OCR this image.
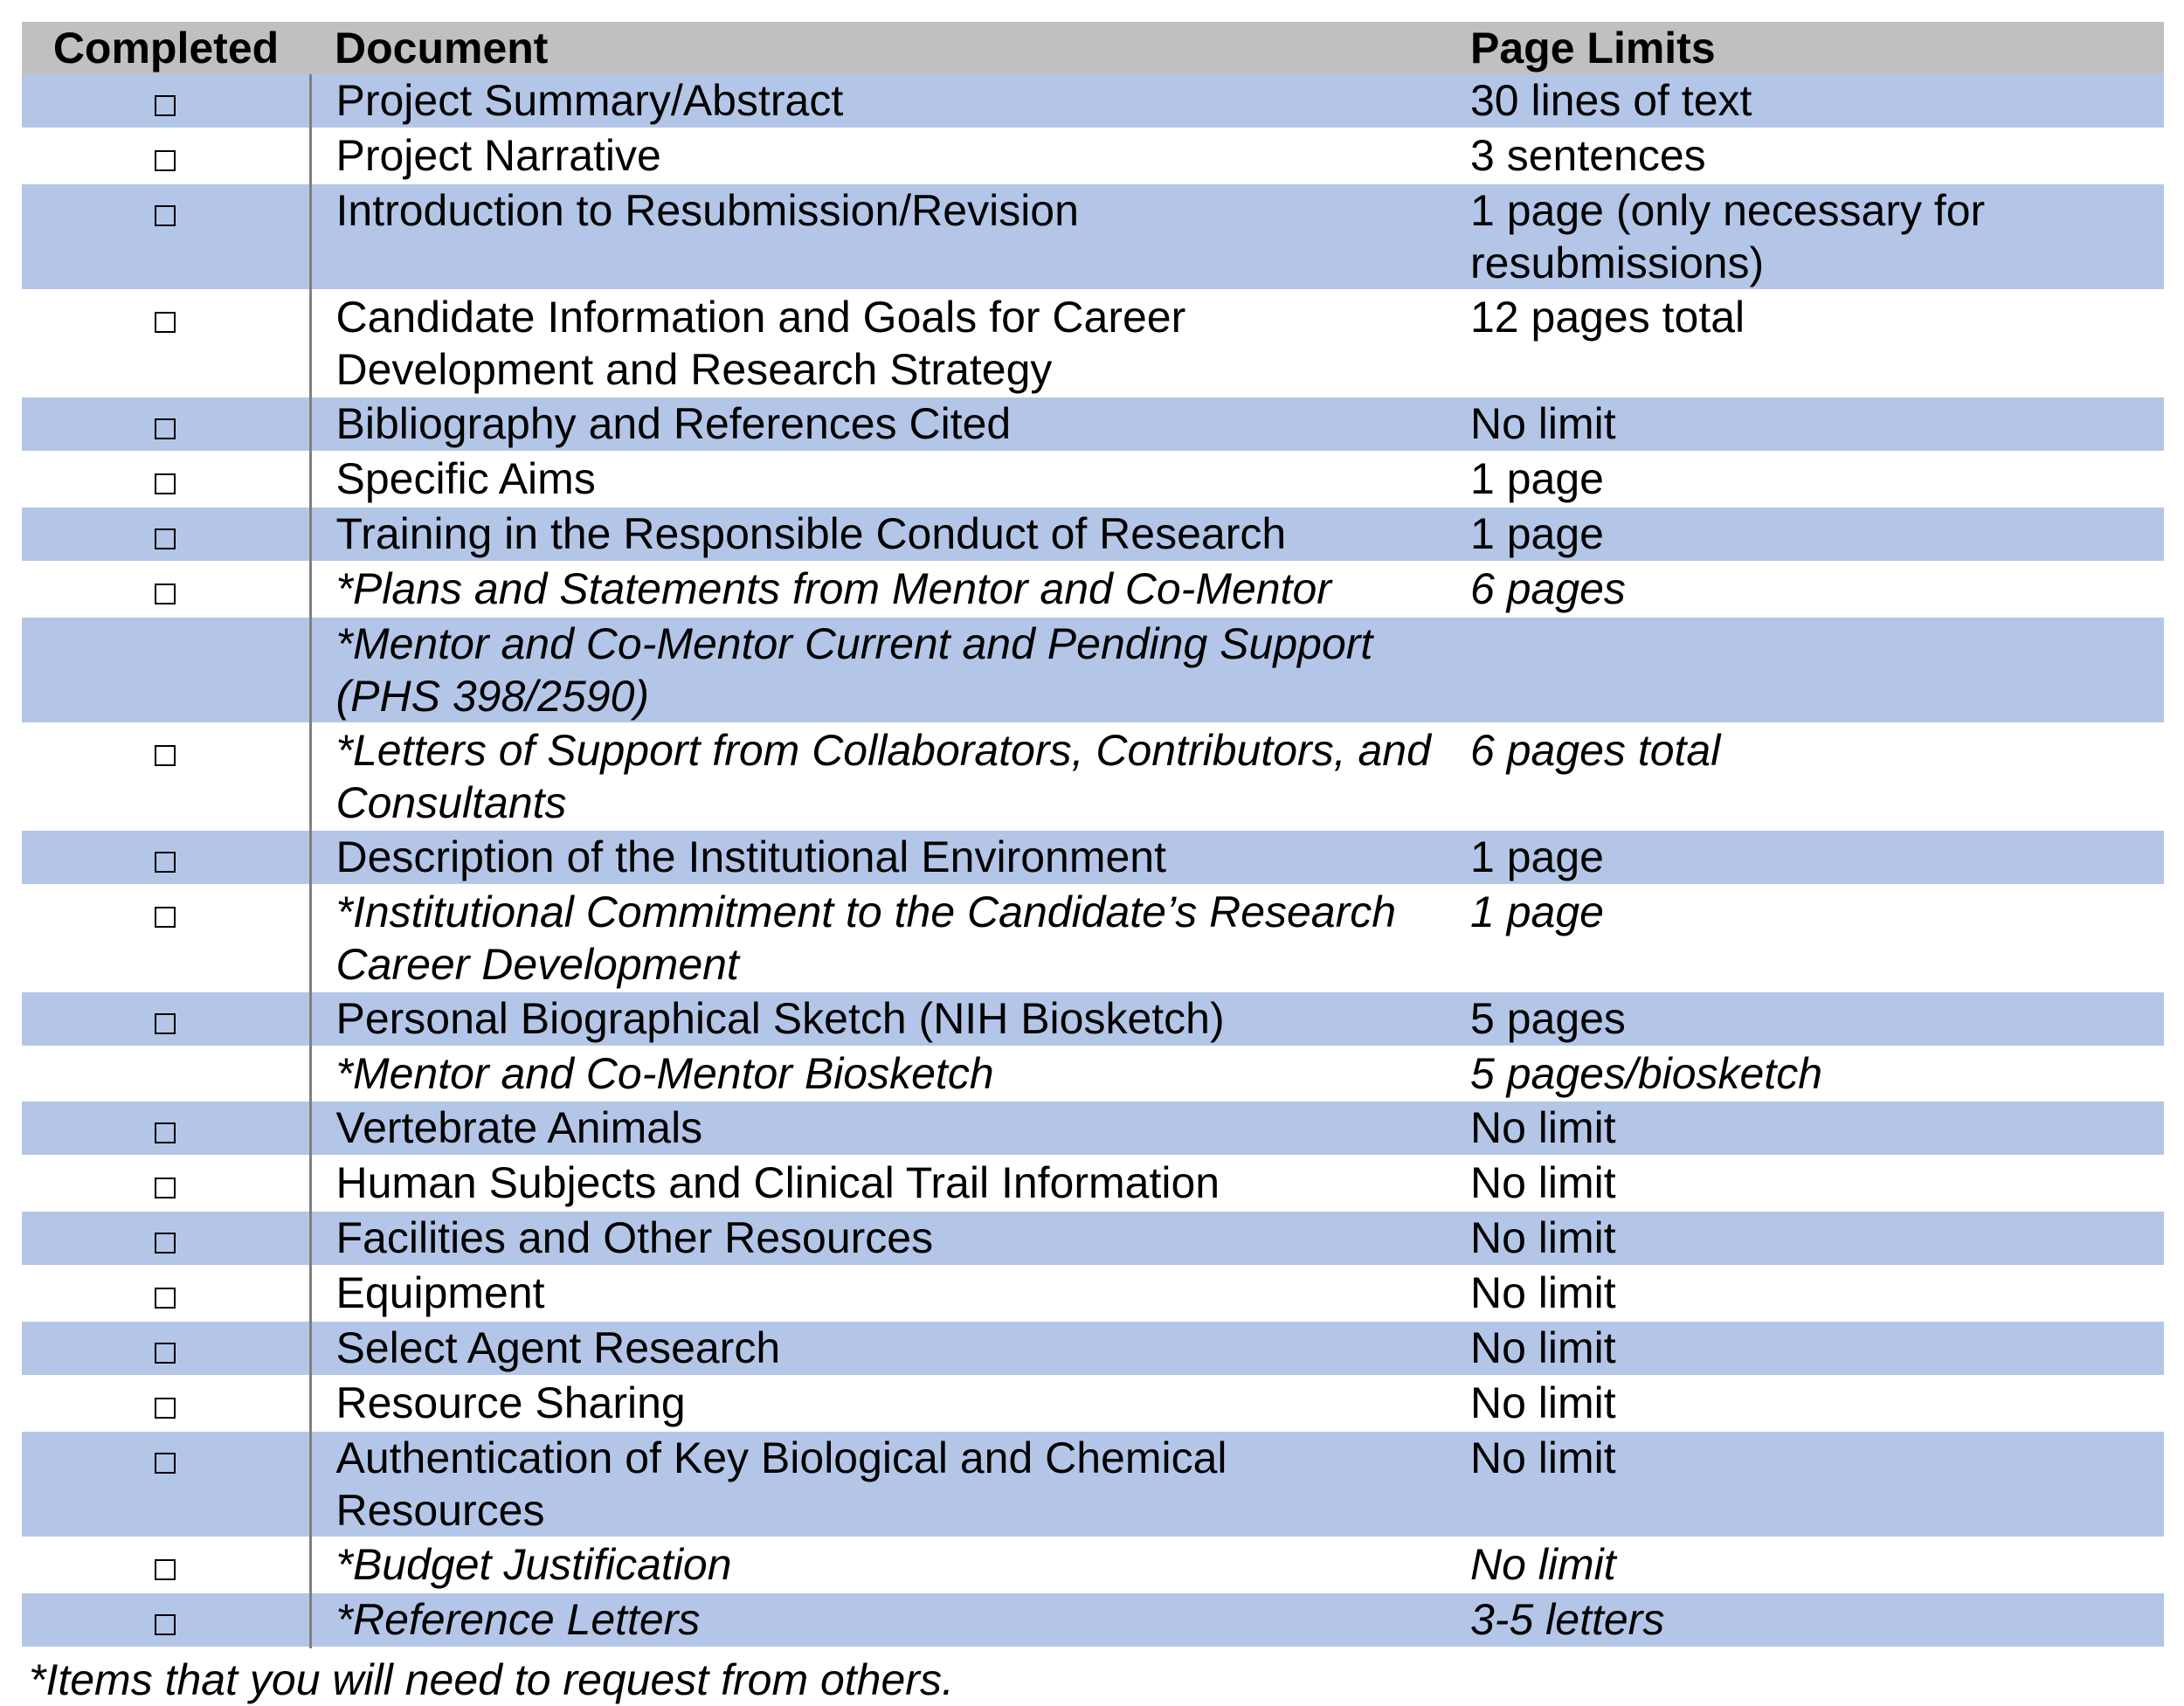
Completed	Document	Page Limits
	Project Summary/Abstract	30 lines of text
	Project Narrative	3 sentences
	Introduction to Resubmission/Revision	1 page (only necessary for resubmissions)
	Candidate Information and Goals for Career Development and Research Strategy	12 pages total
	Bibliography and References Cited	No limit
	Specific Aims	1 page
	Training in the Responsible Conduct of Research	1 page
	*Plans and Statements from Mentor and Co-Mentor	6 pages
	*Mentor and Co-Mentor Current and Pending Support (PHS 398/2590)	
	*Letters of Support from Collaborators, Contributors, and Consultants	6 pages total
	Description of the Institutional Environment	1 page
	*Institutional Commitment to the Candidate’s Research Career Development	1 page
	Personal Biographical Sketch (NIH Biosketch)	5 pages
	*Mentor and Co-Mentor Biosketch	5 pages/biosketch
	Vertebrate Animals	No limit
	Human Subjects and Clinical Trail Information	No limit
	Facilities and Other Resources	No limit
	Equipment	No limit
	Select Agent Research	No limit
	Resource Sharing	No limit
	Authentication of Key Biological and Chemical Resources	No limit
	*Budget Justification	No limit
	*Reference Letters	3-5 letters
*Items that you will need to request from others.
